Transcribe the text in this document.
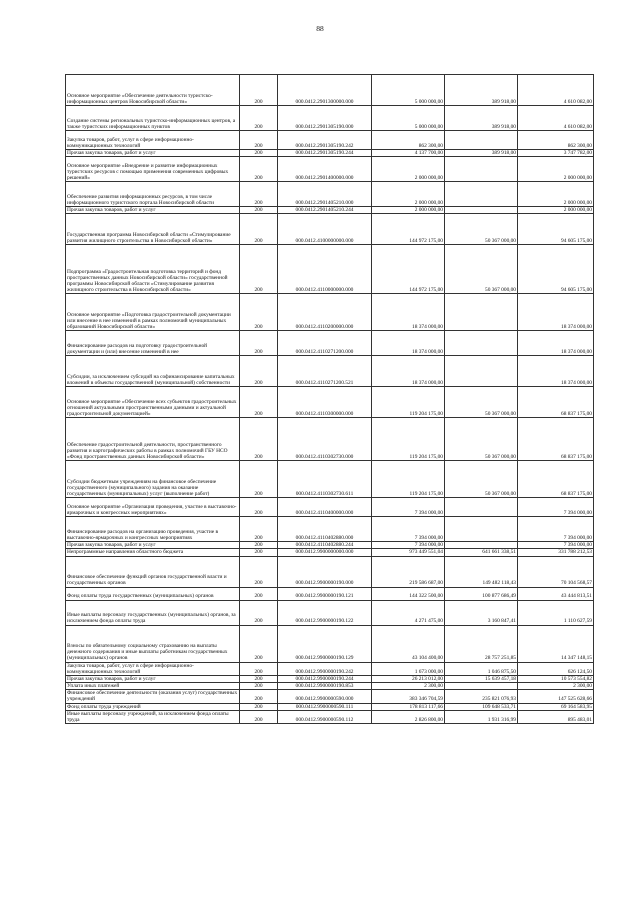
88
Основное мероприятие «Обеспечение деятельности туристско-информационных центров Новосибирской области»	200	000.0412.2901300000.000	5 000 000,00	389 918,00	4 610 082,00
Создание системы региональных туристско-информационных центров, а также туристских информационных пунктов	200	000.0412.2901305190.000	5 000 000,00	389 918,00	4 610 082,00
Закупка товаров, работ, услуг в сфере информационно-коммуникационных технологий	200	000.0412.2901305190.242	862 300,00		862 300,00
Прочая закупка товаров, работ и услуг	200	000.0412.2901305190.244	4 137 700,00	389 918,00	3 747 782,00
Основное мероприятие «Внедрение и развитие информационных туристских ресурсов с помощью применения современных цифровых решений»	200	000.0412.2901400000.000	2 000 000,00		2 000 000,00
Обеспечение развития информационных ресурсов, в том числе информационного туристского портала Новосибирской области	200	000.0412.2901405210.000	2 000 000,00		2 000 000,00
Прочая закупка товаров, работ и услуг	200	000.0412.2901405210.244	2 000 000,00		2 000 000,00
Государственная программа Новосибирской области «Стимулирование развития жилищного строительства в Новосибирской области»	200	000.0412.4100000000.000	144 972 175,00	50 367 000,00	94 605 175,00
Подпрограмма «Градостроительная подготовка территорий и фонд пространственных данных Новосибирской области» государственной программы Новосибирской области «Стимулирование развития жилищного строительства в Новосибирской области»	200	000.0412.4110000000.000	144 972 175,00	50 367 000,00	94 605 175,00
Основное мероприятие «Подготовка градостроительной документации или внесение в нее изменений в рамках полномочий муниципальных образований Новосибирской области»	200	000.0412.4110200000.000	18 374 000,00		18 374 000,00
Финансирование расходов на подготовку градостроительной документации и (или) внесение изменений в нее	200	000.0412.4110271200.000	18 374 000,00		18 374 000,00
Субсидии, за исключением субсидий на софинансирование капитальных вложений в объекты государственной (муниципальной) собственности	200	000.0412.4110271200.521	18 374 000,00		18 374 000,00
Основное мероприятие «Обеспечение всех субъектов градостроительных отношений актуальными пространственными данными и актуальной градостроительной документацией»	200	000.0412.4110300000.000	119 204 175,00	50 367 000,00	68 837 175,00
Обеспечение градостроительной деятельности, пространственного развития и картографических работы в рамках полномочий ГБУ НСО «Фонд пространственных данных Новосибирской области»	200	000.0412.4110302730.000	119 204 175,00	50 367 000,00	68 837 175,00
Субсидии бюджетным учреждениям на финансовое обеспечение государственного (муниципального) задания на оказание государственных (муниципальных) услуг (выполнение работ)	200	000.0412.4110302730.611	119 204 175,00	50 367 000,00	68 837 175,00
Основное мероприятие «Организация проведения, участие в выставочно-ярмарочных и конгрессных мероприятиях»	200	000.0412.4110400000.000	7 394 000,00		7 394 000,00
Финансирование расходов на организацию проведения, участие в выставочно-ярмарочных и конгрессных мероприятиях	200	000.0412.4110402880.000	7 394 000,00		7 394 000,00
Прочая закупка товаров, работ и услуг	200	000.0412.4110402880.244	7 394 000,00		7 394 000,00
Непрограммные направления областного бюджета	200	000.0412.9900000000.000	973 449 551,04	641 661 338,51	331 788 212,53
Финансовое обеспечение функций органов государственной власти и государственных органов	200	000.0412.9900000190.000	219 586 687,00	149 482 118,43	70 104 568,57
Фонд оплаты труда государственных (муниципальных) органов	200	000.0412.9900000190.121	144 322 500,00	100 877 686,49	43 444 813,51
Иные выплаты персоналу государственных (муниципальных) органов, за исключением фонда оплаты труда	200	000.0412.9900000190.122	4 271 475,00	3 160 847,41	1 110 627,59
Взносы по обязательному социальному страхованию на выплаты денежного содержания и иные выплаты работникам государственных (муниципальных) органов	200	000.0412.9900000190.129	43 104 400,00	28 757 251,85	14 347 148,15
Закупка товаров, работ, услуг в сфере информационно-коммуникационных технологий	200	000.0412.9900000190.242	1 673 000,00	1 046 875,50	626 124,50
Прочая закупка товаров, работ и услуг	200	000.0412.9900000190.244	26 213 012,00	15 639 457,18	10 573 554,82
Уплата иных платежей	200	000.0412.9900000190.853	2 300,00		2 300,00
Финансовое обеспечение деятельности (оказания услуг) государственных учреждений	200	000.0412.9900000590.000	383 346 704,59	235 821 076,93	147 525 628,66
Фонд оплаты труда учреждений	200	000.0412.9900000590.111	178 813 117,66	109 648 533,71	69 164 583,95
Иные выплаты персоналу учреждений, за исключением фонда оплаты труда	200	000.0412.9900000590.112	2 826 800,00	1 931 316,99	895 483,01
